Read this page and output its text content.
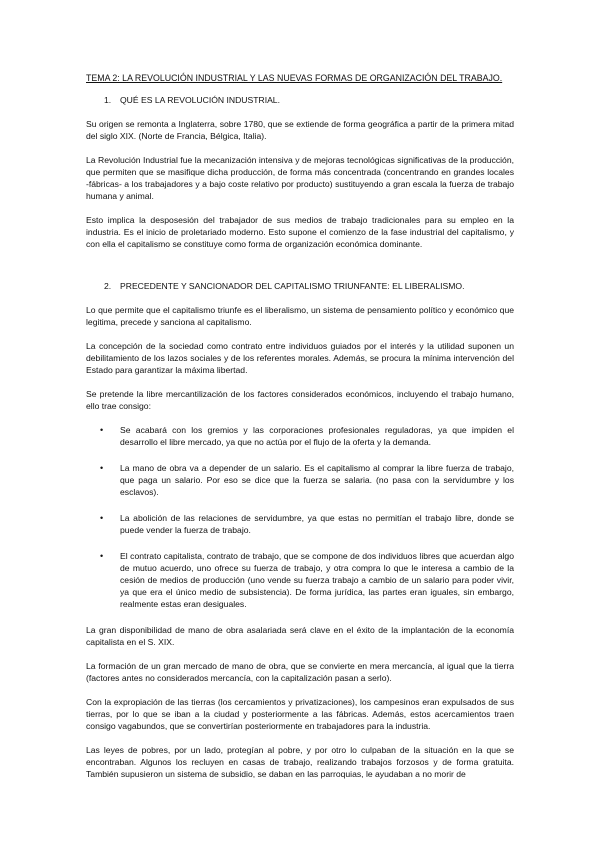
TEMA 2: LA REVOLUCIÓN INDUSTRIAL Y LAS NUEVAS FORMAS DE ORGANIZACIÓN DEL TRABAJO.
1. QUÉ ES LA REVOLUCIÓN INDUSTRIAL.

Su origen se remonta a Inglaterra, sobre 1780, que se extiende de forma geográfica a partir de la primera mitad del siglo XIX. (Norte de Francia, Bélgica, Italia).

La Revolución Industrial fue la mecanización intensiva y de mejoras tecnológicas significativas de la producción, que permiten que se masifique dicha producción, de forma más concentrada (concentrando en grandes locales -fábricas- a los trabajadores y a bajo coste relativo por producto) sustituyendo a gran escala la fuerza de trabajo humana y animal.

Esto implica la desposesión del trabajador de sus medios de trabajo tradicionales para su empleo en la industria. Es el inicio de proletariado moderno. Esto supone el comienzo de la fase industrial del capitalismo, y con ella el capitalismo se constituye como forma de organización económica dominante.

2. PRECEDENTE Y SANCIONADOR DEL CAPITALISMO TRIUNFANTE: EL LIBERALISMO.

Lo que permite que el capitalismo triunfe es el liberalismo, un sistema de pensamiento político y económico que legitima, precede y sanciona al capitalismo.

La concepción de la sociedad como contrato entre individuos guiados por el interés y la utilidad suponen un debilitamiento de los lazos sociales y de los referentes morales. Además, se procura la mínima intervención del Estado para garantizar la máxima libertad.

Se pretende la libre mercantilización de los factores considerados económicos, incluyendo el trabajo humano, ello trae consigo:

• Se acabará con los gremios y las corporaciones profesionales reguladoras, ya que impiden el desarrollo el libre mercado, ya que no actúa por el flujo de la oferta y la demanda.
• La mano de obra va a depender de un salario. Es el capitalismo al comprar la libre fuerza de trabajo, que paga un salario. Por eso se dice que la fuerza se salaria. (no pasa con la servidumbre y los esclavos).
• La abolición de las relaciones de servidumbre, ya que estas no permitían el trabajo libre, donde se puede vender la fuerza de trabajo.
• El contrato capitalista, contrato de trabajo, que se compone de dos individuos libres que acuerdan algo de mutuo acuerdo, uno ofrece su fuerza de trabajo, y otra compra lo que le interesa a cambio de la cesión de medios de producción (uno vende su fuerza trabajo a cambio de un salario para poder vivir, ya que era el único medio de subsistencia). De forma jurídica, las partes eran iguales, sin embargo, realmente estas eran desiguales.

La gran disponibilidad de mano de obra asalariada será clave en el éxito de la implantación de la economía capitalista en el S. XIX.

La formación de un gran mercado de mano de obra, que se convierte en mera mercancía, al igual que la tierra (factores antes no considerados mercancía, con la capitalización pasan a serlo).

Con la expropiación de las tierras (los cercamientos y privatizaciones), los campesinos eran expulsados de sus tierras, por lo que se iban a la ciudad y posteriormente a las fábricas. Además, estos acercamientos traen consigo vagabundos, que se convertirían posteriormente en trabajadores para la industria.

Las leyes de pobres, por un lado, protegían al pobre, y por otro lo culpaban de la situación en la que se encontraban. Algunos los recluyen en casas de trabajo, realizando trabajos forzosos y de forma gratuita. También supusieron un sistema de subsidio, se daban en las parroquias, le ayudaban a no morir de
